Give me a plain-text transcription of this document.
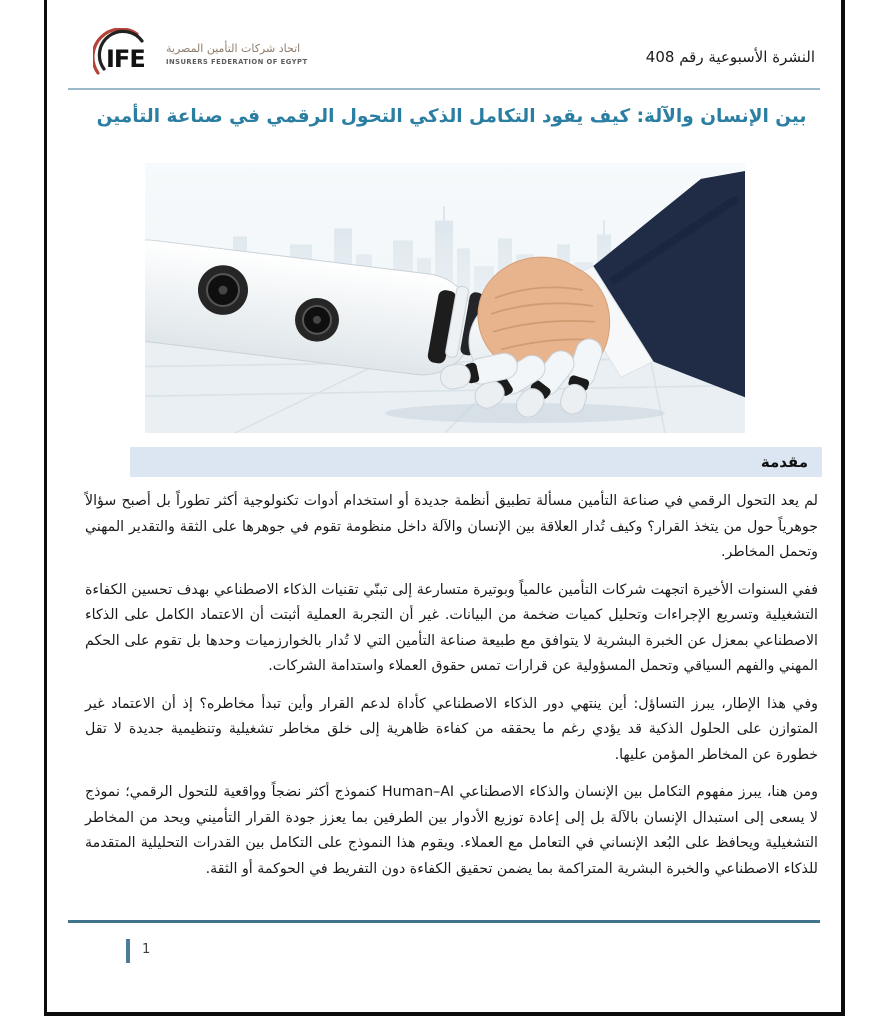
IFE اتحاد شركات التأمين المصرية
INSURERS FEDERATION OF EGYPT	النشرة الأسبوعية رقم 408
بين الإنسان والآلة: كيف يقود التكامل الذكي التحول الرقمي في صناعة التأمين
مقدمة

لم يعد التحول الرقمي في صناعة التأمين مسألة تطبيق أنظمة جديدة أو استخدام أدوات تكنولوجية أكثر تطوراً بل أصبح سؤالاً جوهرياً حول من يتخذ القرار؟ وكيف تُدار العلاقة بين الإنسان والآلة داخل منظومة تقوم في جوهرها على الثقة والتقدير المهني وتحمل المخاطر.

ففي السنوات الأخيرة اتجهت شركات التأمين عالمياً وبوتيرة متسارعة إلى تبنّي تقنيات الذكاء الاصطناعي بهدف تحسين الكفاءة التشغيلية وتسريع الإجراءات وتحليل كميات ضخمة من البيانات. غير أن التجربة العملية أثبتت أن الاعتماد الكامل على الذكاء الاصطناعي بمعزل عن الخبرة البشرية لا يتوافق مع طبيعة صناعة التأمين التي لا تُدار بالخوارزميات وحدها بل تقوم على الحكم المهني والفهم السياقي وتحمل المسؤولية عن قرارات تمس حقوق العملاء واستدامة الشركات.

وفي هذا الإطار، يبرز التساؤل: أين ينتهي دور الذكاء الاصطناعي كأداة لدعم القرار وأين تبدأ مخاطره؟ إذ أن الاعتماد غير المتوازن على الحلول الذكية قد يؤدي رغم ما يحققه من كفاءة ظاهرية إلى خلق مخاطر تشغيلية وتنظيمية جديدة لا تقل خطورة عن المخاطر المؤمن عليها.

ومن هنا، يبرز مفهوم التكامل بين الإنسان والذكاء الاصطناعي Human–AI كنموذج أكثر نضجاً وواقعية للتحول الرقمي؛ نموذج لا يسعى إلى استبدال الإنسان بالآلة بل إلى إعادة توزيع الأدوار بين الطرفين بما يعزز جودة القرار التأميني ويحد من المخاطر التشغيلية ويحافظ على البُعد الإنساني في التعامل مع العملاء. ويقوم هذا النموذج على التكامل بين القدرات التحليلية المتقدمة للذكاء الاصطناعي والخبرة البشرية المتراكمة بما يضمن تحقيق الكفاءة دون التفريط في الحوكمة أو الثقة.

1
